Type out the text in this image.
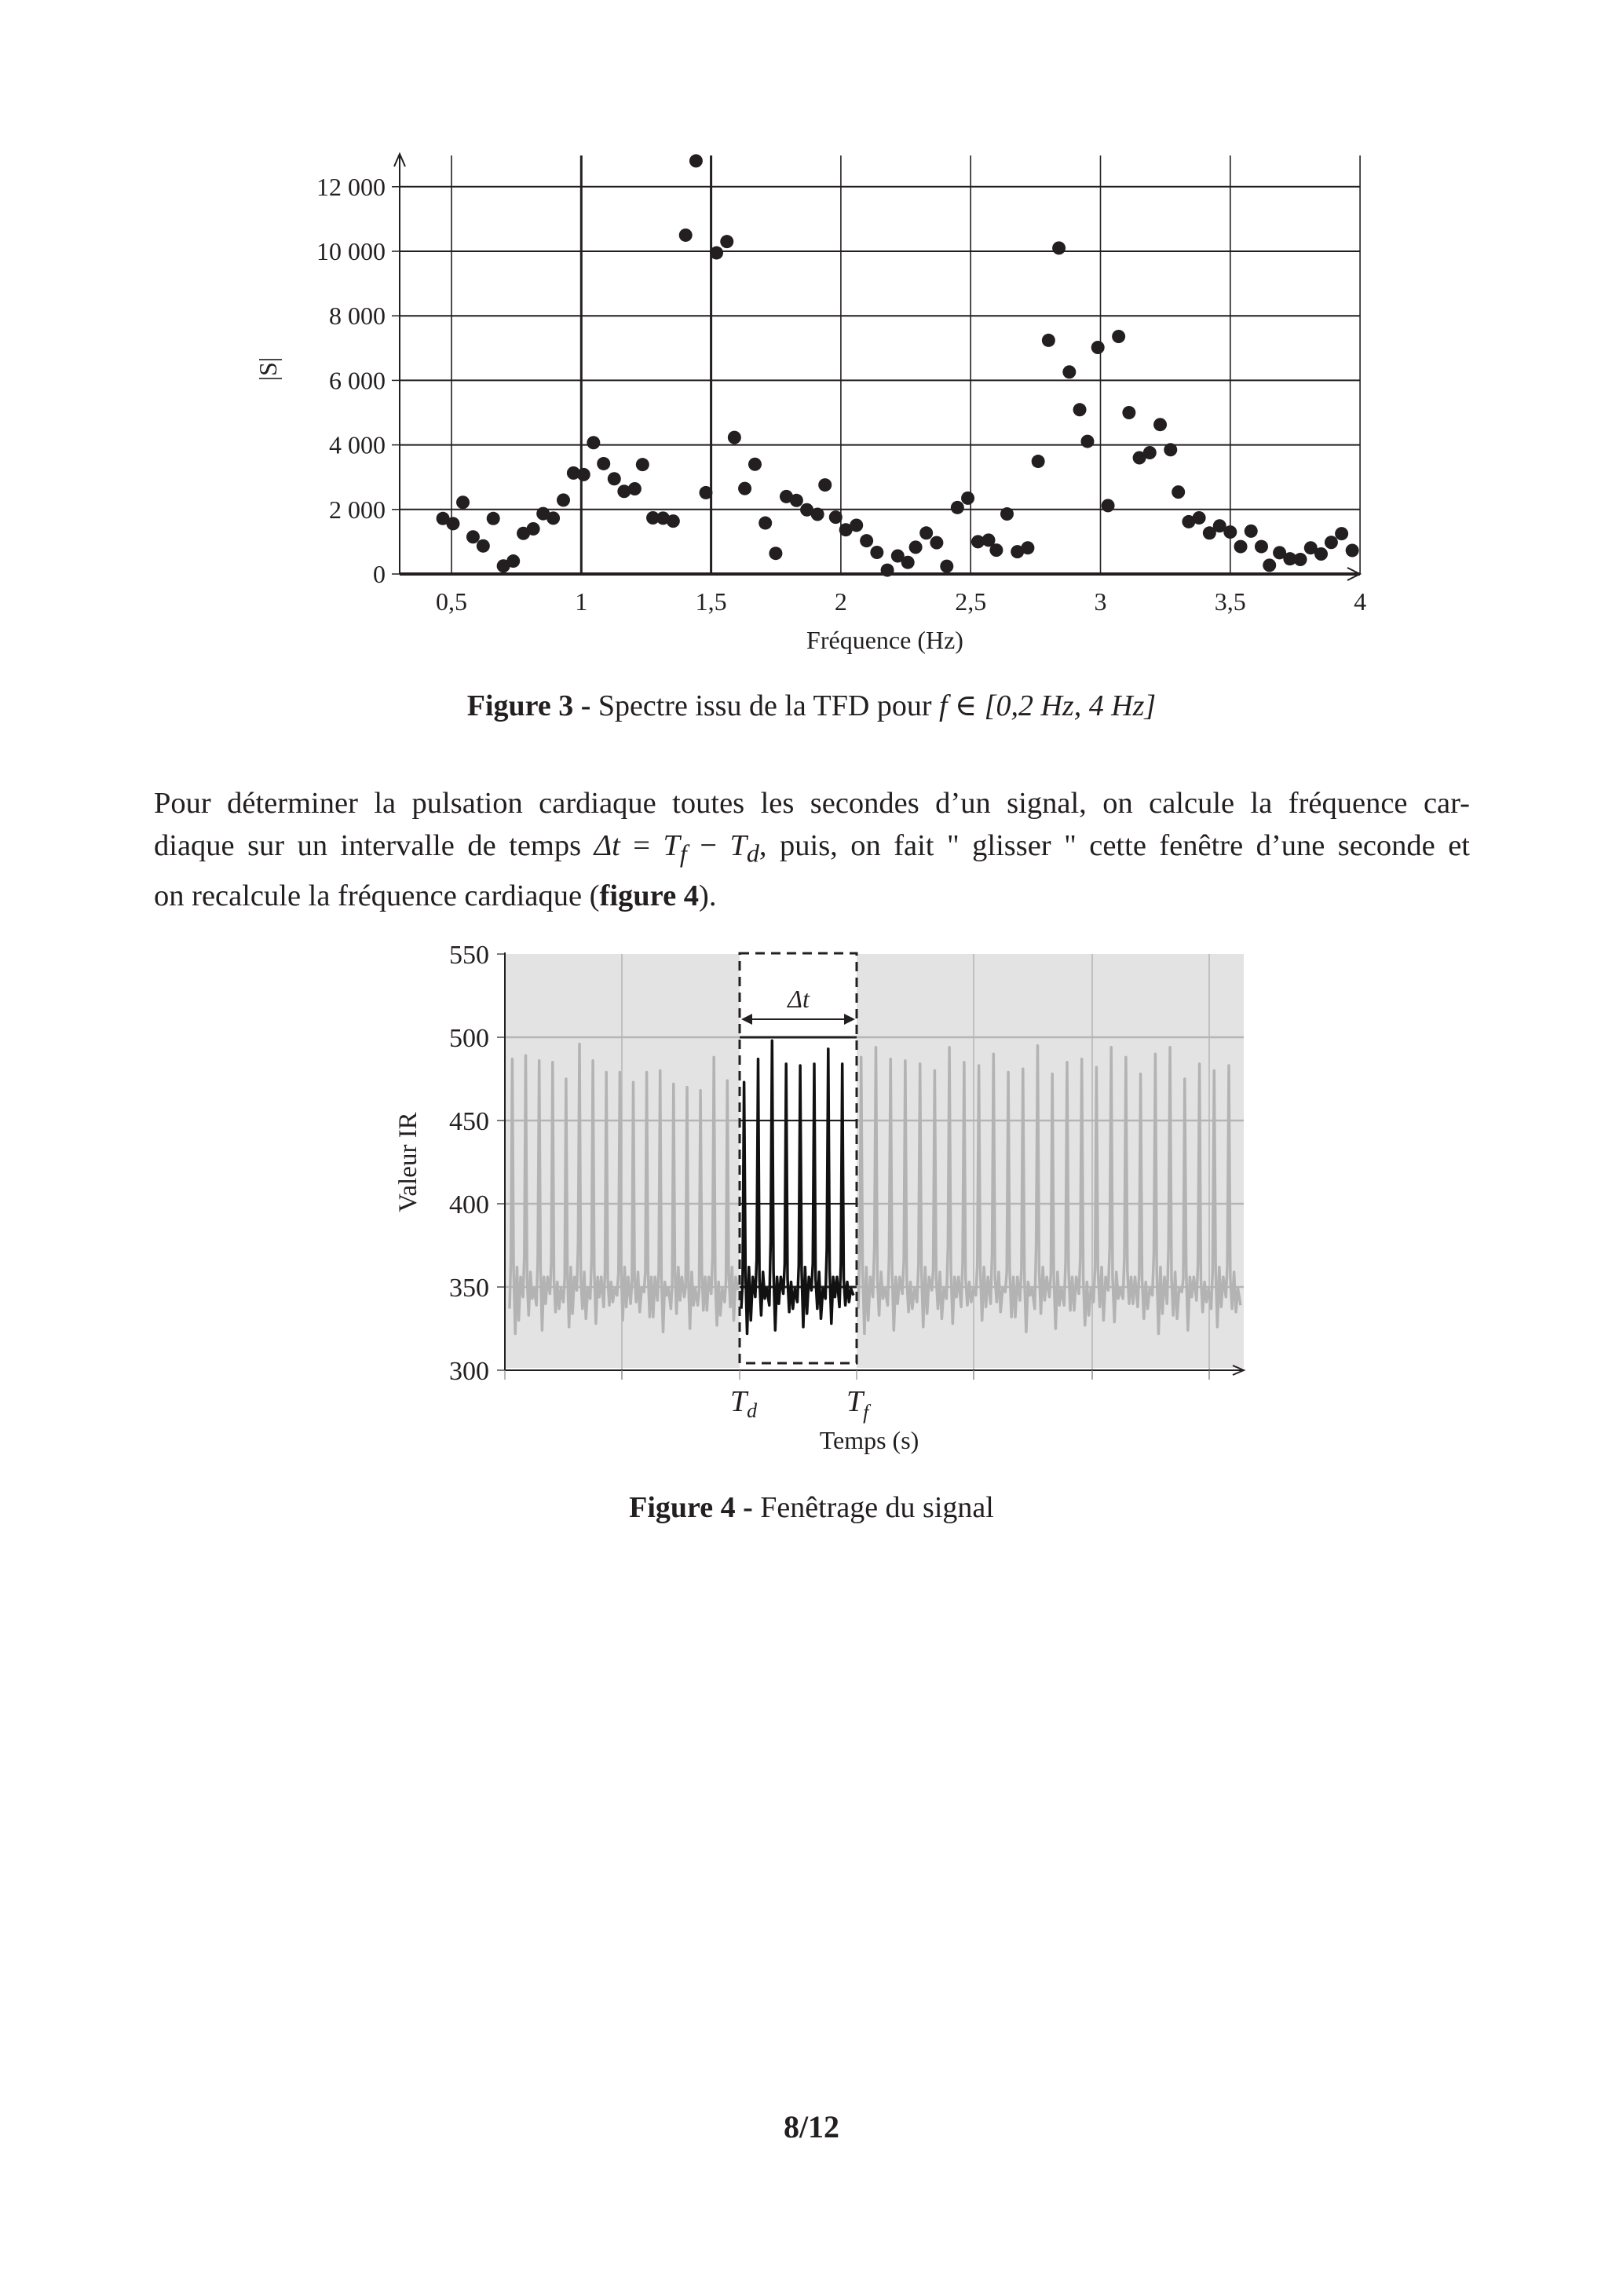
0
2 000
4 000
6 000
8 000
10 000
12 000
0,5	1	1,5	2	2,5	3	3,5	4
|S|
Fréquence (Hz)
Figure 3 - Spectre issu de la TFD pour f ∈ [0,2 Hz, 4 Hz]
Pour déterminer la pulsation cardiaque toutes les secondes d’un signal, on calcule la fréquence car-
diaque sur un intervalle de temps $\Delta t = T_f - T_d$, puis, on fait " glisser " cette fenêtre d’une seconde et
on recalcule la fréquence cardiaque (figure 4).
300
350
400
450
500
550
Valeur IR
Δt
$T_d$	$T_f$
Temps (s)
Figure 4 - Fenêtrage du signal
8/12
